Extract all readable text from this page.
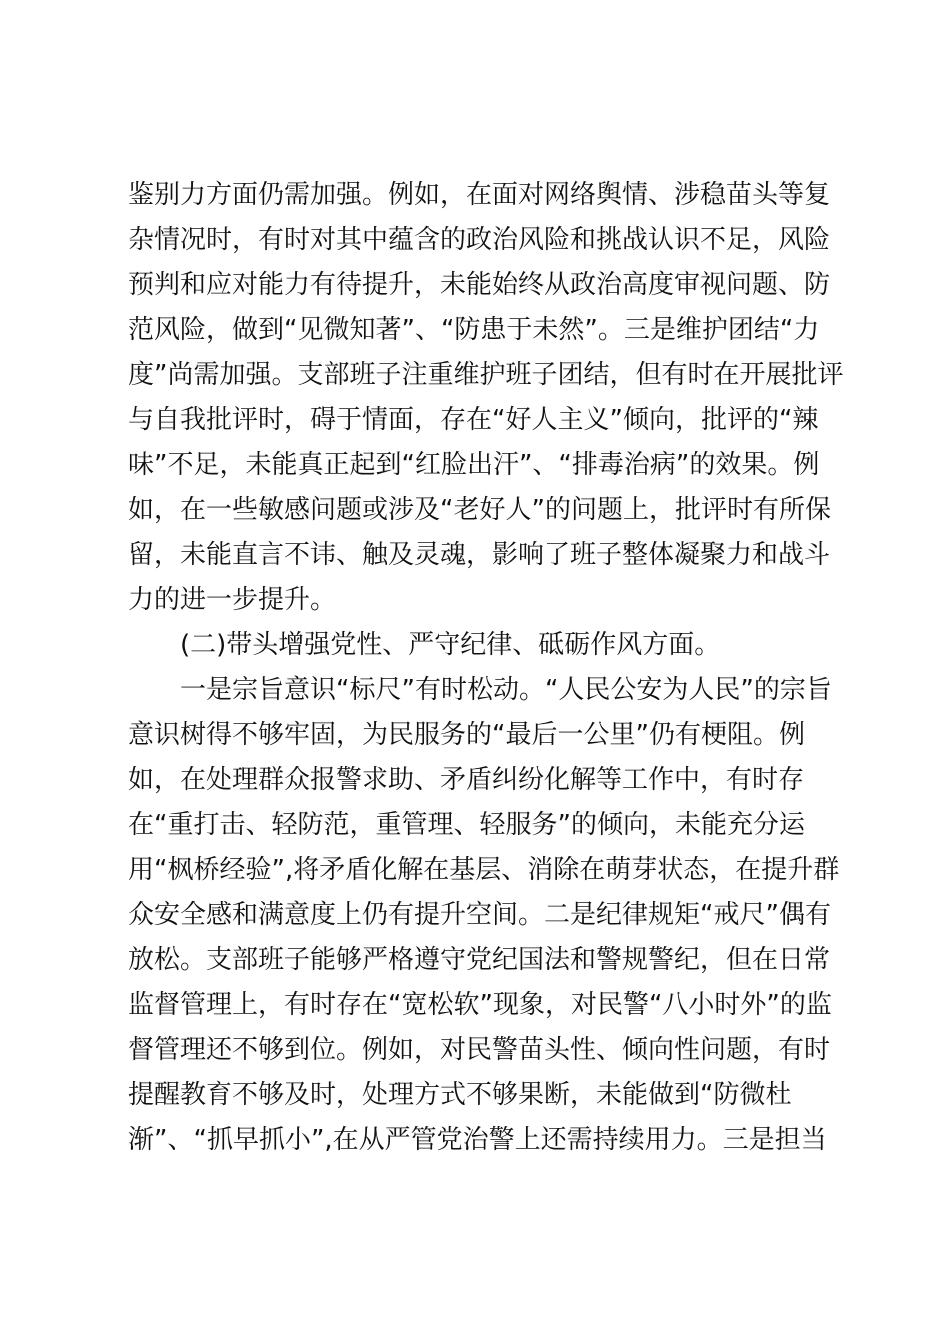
鉴别力方面仍需加强。例如，在面对网络舆情、涉稳苗头等复
杂情况时，有时对其中蕴含的政治风险和挑战认识不足，风险
预判和应对能力有待提升，未能始终从政治高度审视问题、防
范风险，做到“见微知著”、“防患于未然”。三是维护团结“力
度”尚需加强。支部班子注重维护班子团结，但有时在开展批评
与自我批评时，碍于情面，存在“好人主义”倾向，批评的“辣
味”不足，未能真正起到“红脸出汗”、“排毒治病”的效果。例
如，在一些敏感问题或涉及“老好人”的问题上，批评时有所保
留，未能直言不讳、触及灵魂，影响了班子整体凝聚力和战斗
力的进一步提升。
(二)带头增强党性、严守纪律、砥砺作风方面。
一是宗旨意识“标尺”有时松动。“人民公安为人民”的宗旨
意识树得不够牢固，为民服务的“最后一公里”仍有梗阻。例
如，在处理群众报警求助、矛盾纠纷化解等工作中，有时存
在“重打击、轻防范，重管理、轻服务”的倾向，未能充分运
用“枫桥经验”,将矛盾化解在基层、消除在萌芽状态，在提升群
众安全感和满意度上仍有提升空间。二是纪律规矩“戒尺”偶有
放松。支部班子能够严格遵守党纪国法和警规警纪，但在日常
监督管理上，有时存在“宽松软”现象，对民警“八小时外”的监
督管理还不够到位。例如，对民警苗头性、倾向性问题，有时
提醒教育不够及时，处理方式不够果断，未能做到“防微杜
渐”、“抓早抓小”,在从严管党治警上还需持续用力。三是担当
